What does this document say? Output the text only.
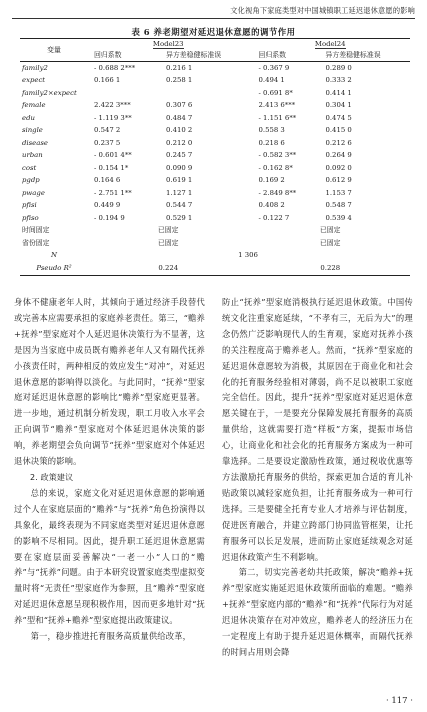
文化视角下家庭类型对中国城镇职工延迟退休意愿的影响
表 6 养老期望对延迟退休意愿的调节作用
变量	Model23		Model24	
	回归系数	异方差稳健标准误	回归系数	异方差稳健标准误
family2	- 0.688 2***	0.216 1	- 0.367 9	0.289 0
expect	0.166 1	0.258 1	0.494 1	0.333 2
family2×expect			- 0.691 8*	0.414 1
female	2.422 3***	0.307 6	2.413 6***	0.304 1
edu	- 1.119 3**	0.484 7	- 1.151 6**	0.474 5
single	0.547 2	0.410 2	0.558 3	0.415 0
disease	0.237 5	0.212 0	0.218 6	0.212 6
urban	- 0.601 4**	0.245 7	- 0.582 3**	0.264 9
cost	- 0.154 1*	0.090 9	- 0.162 8*	0.092 0
pgdp	0.164 6	0.619 1	0.169 2	0.612 9
pwage	- 2.751 1**	1.127 1	- 2.849 8**	1.153 7
pfisi	0.449 9	0.544 7	0.408 2	0.548 7
pfiso	- 0.194 9	0.529 1	- 0.122 7	0.539 4
时间固定	已固定		已固定	
省份固定	已固定		已固定	
N	1 306			
Pseudo R²	0.224		0.228	

身体不健康老年人时，其倾向于通过经济手段替代或完善本应需要承担的家庭养老责任。第三，“赡养+抚养”型家庭对个人延迟退休决策行为不显著，这是因为当家庭中成员既有赡养老年人又有隔代抚养小孩责任时，两种相反的效应发生“对冲”，对延迟退休意愿的影响得以淡化。与此同时，“抚养”型家庭对延迟退休意愿的影响比“赡养”型家庭更显著。进一步地，通过机制分析发现，职工月收入水平会正向调节“赡养”型家庭对个体延迟退休决策的影响，养老期望会负向调节“抚养”型家庭对个体延迟退休决策的影响。

2. 政策建议

总的来说，家庭文化对延迟退休意愿的影响通过个人在家庭层面的“赡养”与“抚养”角色扮演得以具象化，最终表现为不同家庭类型对延迟退休意愿的影响不尽相同。因此，提升职工延迟退休意愿需要在家庭层面妥善解决“一老一小”人口的“赡养”与“抚养”问题。由于本研究设置家庭类型虚拟变量时将“无责任”型家庭作为参照，且“赡养”型家庭对延迟退休意愿呈现积极作用，因而更多地针对“抚养”型和“抚养+赡养”型家庭提出政策建议。

第一，稳步推进托育服务高质量供给改革，

防止“抚养”型家庭消极执行延迟退休政策。中国传统文化注重家庭延续，“不孝有三，无后为大”的理念仍然广泛影响现代人的生育观，家庭对抚养小孩的关注程度高于赡养老人。然而，“抚养”型家庭的延迟退休意愿较为消极，其原因在于商业化和社会化的托育服务经验相对薄弱，尚不足以被职工家庭完全信任。因此，提升“抚养”型家庭对延迟退休意愿关键在于，一是要充分保障发展托育服务的高质量供给，这就需要打造“样板”方案，提振市场信心，让商业化和社会化的托育服务方案成为一种可靠选择。二是要设定激励性政策，通过税收优惠等方法激励托育服务的供给，探索更加合适的育儿补贴政策以减轻家庭负担，让托育服务成为一种可行选择。三是要健全托育专业人才培养与评估制度，促进医育融合，并建立跨部门协同监管框架，让托育服务可以长足发展，进而防止家庭延续观念对延迟退休政策产生不利影响。

第二，切实完善老幼共托政策，解决“赡养+抚养”型家庭实施延迟退休政策所面临的难题。“赡养+抚养”型家庭内部的“赡养”和“抚养”代际行为对延迟退休决策存在对冲效应，赡养老人的经济压力在一定程度上有助于提升延迟退休概率，而隔代抚养的时间占用则会降

· 117 ·
